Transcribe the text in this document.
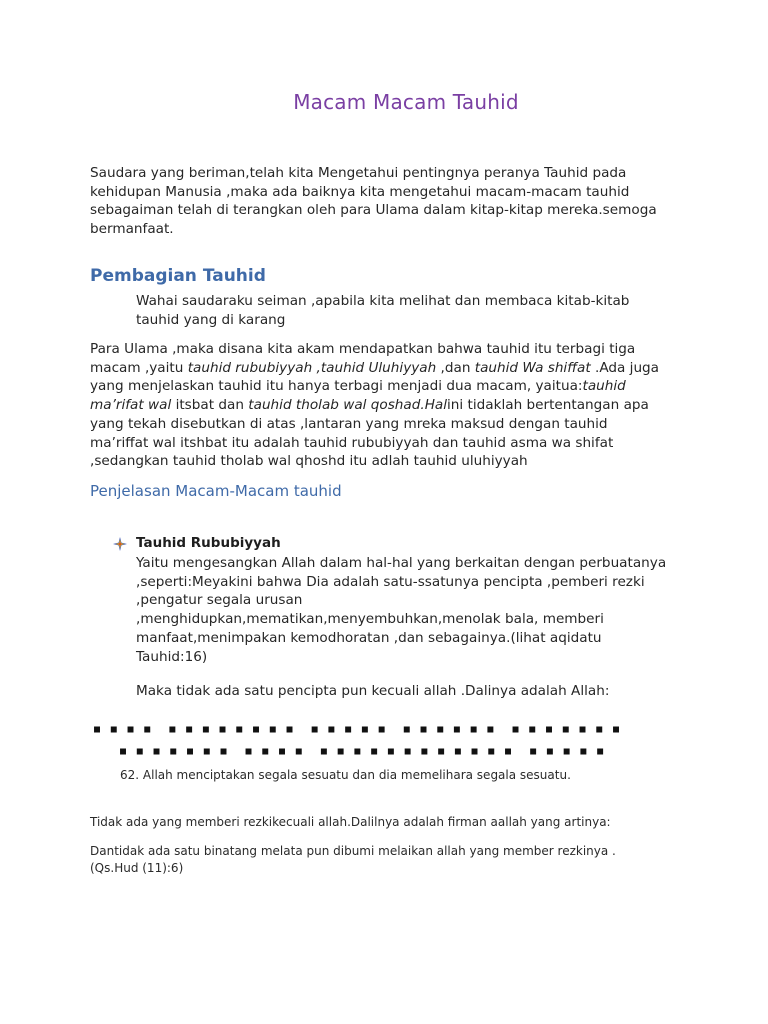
Macam Macam Tauhid
Saudara yang beriman,telah kita Mengetahui pentingnya peranya Tauhid pada
kehidupan Manusia ,maka ada baiknya kita mengetahui macam-macam tauhid
sebagaiman telah di terangkan oleh para Ulama dalam kitap-kitap mereka.semoga
bermanfaat.
Pembagian Tauhid
Wahai saudaraku seiman ,apabila kita melihat dan membaca kitab-kitab
tauhid yang di karang
Para Ulama ,maka disana kita akam mendapatkan bahwa tauhid itu terbagi tiga
macam ,yaitu tauhid rububiyyah ,tauhid Uluhiyyah ,dan tauhid Wa shiffat .Ada juga
yang menjelaskan tauhid itu hanya terbagi menjadi dua macam, yaitua:tauhid
ma’rifat wal itsbat dan tauhid tholab wal qoshad.Halini tidaklah bertentangan apa
yang tekah disebutkan di atas ,lantaran yang mreka maksud dengan tauhid
ma’riffat wal itshbat itu adalah tauhid rububiyyah dan tauhid asma wa shifat
,sedangkan tauhid tholab wal qhoshd itu adlah tauhid uluhiyyah
Penjelasan Macam-Macam tauhid
Tauhid Rububiyyah
Yaitu mengesangkan Allah dalam hal-hal yang berkaitan dengan perbuatanya
,seperti:Meyakini bahwa Dia adalah satu-ssatunya pencipta ,pemberi rezki
,pengatur segala urusan
,menghidupkan,mematikan,menyembuhkan,menolak bala, memberi
manfaat,menimpakan kemodhoratan ,dan sebagainya.(lihat aqidatu
Tauhid:16)
Maka tidak ada satu pencipta pun kecuali allah .Dalinya adalah Allah:
■ ■ ■ ■  ■ ■ ■ ■ ■ ■ ■ ■  ■ ■ ■ ■ ■  ■ ■ ■ ■ ■ ■  ■ ■ ■ ■ ■ ■ ■
■ ■ ■ ■ ■ ■ ■  ■ ■ ■ ■  ■ ■ ■ ■ ■ ■ ■ ■ ■ ■ ■ ■  ■ ■ ■ ■ ■
62. Allah menciptakan segala sesuatu dan dia memelihara segala sesuatu.
Tidak ada yang memberi rezkikecuali allah.Dalilnya adalah firman aallah yang artinya:
Dantidak ada satu binatang melata pun dibumi melaikan allah yang member rezkinya .
(Qs.Hud (11):6)
